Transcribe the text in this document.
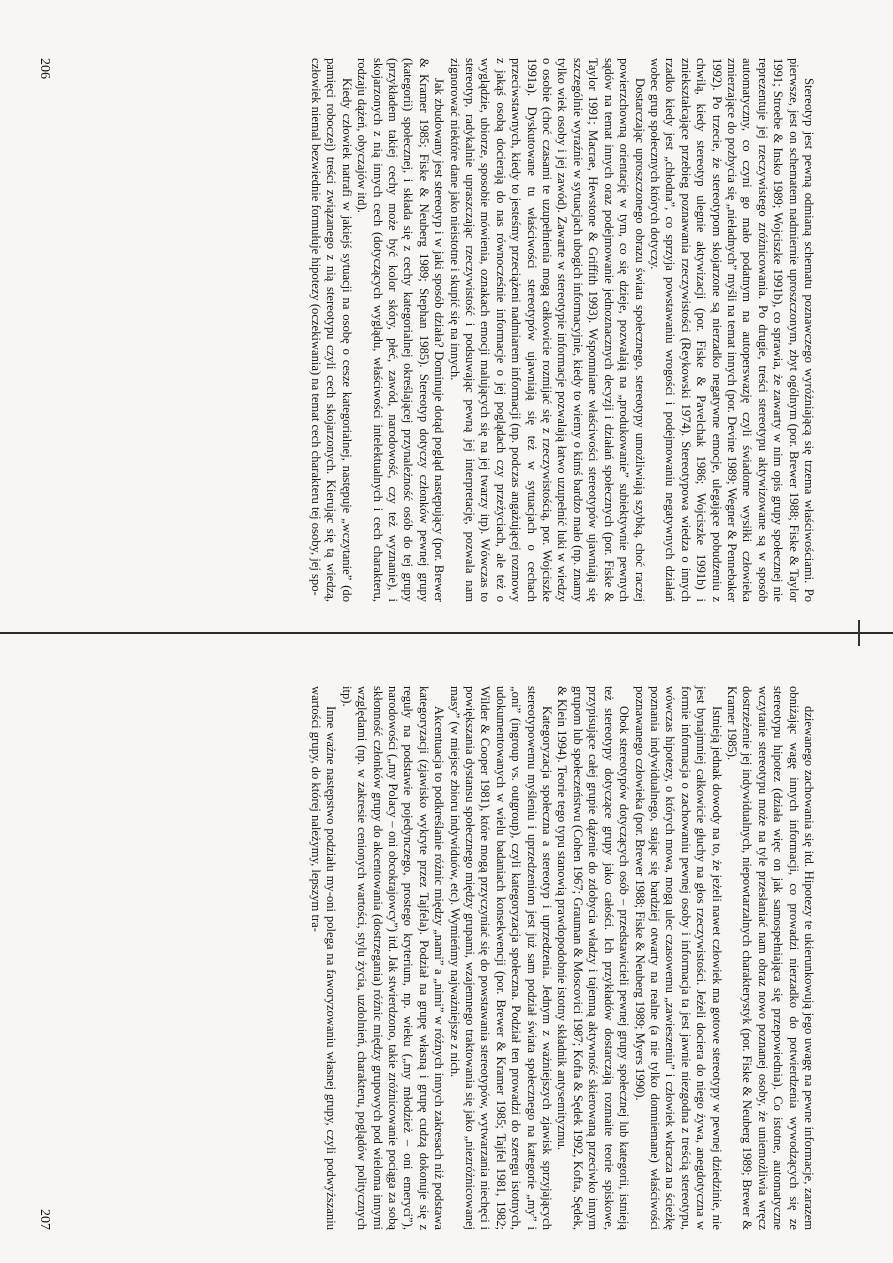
Stereotyp jest pewną odmianą schematu poznawczego wyróżniającą się trzema właściwościami. Po pierwsze, jest on schematem nadmiernie uproszczonym, zbyt ogólnym (por. Brewer 1988; Fiske & Taylor 1991; Stroebe & Insko 1989; Wojciszke 1991b), co sprawia, że zawarty w nim opis grupy społecznej nie reprezentuje jej rzeczywistego zróżnicowania. Po drugie, treści stereotypu aktywizowane są w sposób automatyczny, co czyni go mało podatnym na autoperswazję czyli świadome wysiłki człowieka zmierzające do pozbycia się „nieładnych” myśli na temat innych (por. Devine 1989; Wegner & Pennebaker 1992). Po trzecie, że stereotypom skojarzone są nierzadko negatywne emocje, ulegające pobudzeniu z chwilą, kiedy stereotyp ulegnie aktywizacji (por. Fiske & Pavelchak 1986; Wojciszke 1991b) i zniekształcające przebieg poznawania rzeczywistości (Reykowski 1974). Stereotypowa wiedza o innych rzadko kiedy jest „chłodna”, co sprzyja powstawaniu wrogości i podejmowaniu negatywnych działań wobec grup społecznych których dotyczy.

Dostarczając uproszczonego obrazu świata społecznego, stereotypy umożliwiają szybką, choć raczej powierzchowną orientację w tym, co się dzieje, pozwalają na „produkowanie” subiektywnie pewnych sądów na temat innych oraz podejmowanie jednoznacznych decyzji i działań społecznych (por. Fiske & Taylor 1991; Macrae, Hewstone & Griffith 1993). Wspomniane właściwości stereotypów ujawniają się szczególnie wyraźnie w sytuacjach ubogich informacyjnie, kiedy to wiemy o kimś bardzo mało (np. znamy tylko wiek osoby i jej zawód). Zawarte w stereotypie informacje pozwalają łatwo uzupełnić luki w wiedzy o osobie (choć czasami te uzupełnienia mogą całkowicie rozmijać się z rzeczywistością, por. Wojciszke 1991a). Dyskutowane tu właściwości stereotypów ujawniają się też w sytuacjach o cechach przeciwstawnych, kiedy to jesteśmy przeciążeni nadmiarem informacji (np. podczas angażującej rozmowy z jakąś osobą docierają do nas równocześnie informacje o jej poglądach czy przeżyciach, ale też o wyglądzie, ubiorze, sposobie mówienia, oznakach emocji malujących się na jej twarzy itp). Wówczas to stereotyp, radykalnie upraszczając rzeczywistość i podsuwając pewną jej interpretację, pozwala nam zignorować niektóre dane jako nieistotne i skupić się na innych.

Jak zbudowany jest stereotyp i w jaki sposób działa? Dominuje dotąd pogląd następujący (por. Brewer & Kramer 1985; Fiske & Neuberg 1989; Stephan 1985). Stereotyp dotyczy członków pewnej grupy (kategorii) społecznej, i składa się z cechy kategorialnej określającej przynależność osób do tej grupy (przykładem takiej cechy może być kolor skóry, płeć, zawód, narodowość, czy też wyznanie), i skojarzonych z nią innych cech (dotyczących wyglądu, właściwości intelektualnych i cech charakteru, rodzaju dążeń, obyczajów itd).

Kiedy człowiek natrafi w jakiejś sytuacji na osobę o cesze kategorialnej, następuje „wczytanie” (do pamięci roboczej) treści związanego z nią stereotypu czyli cech skojarzonych. Kierując się tą wiedzą, człowiek niemal bezwiednie formułuje hipotezy (oczekiwania) na temat cech charakteru tej osoby, jej spo-

206

dziewanego zachowania się itd. Hipotezy te ukierunkowują jego uwagę na pewne informacje, zarazem obniżając wagę innych informacji, co prowadzi nierzadko do potwierdzenia wywodzących się ze stereotypu hipotez (działa więc on jak samospełniająca się przepowiednia). Co istotne, automatyczne wczytanie stereotypu może na tyle przesłaniać nam obraz nowo poznanej osoby, że uniemożliwia wręcz dostrzeżenie jej indywidualnych, niepowtarzalnych charakterystyk (por. Fiske & Neuberg 1989; Brewer & Kramer 1985).

Istnieją jednak dowody na to, że jeżeli nawet człowiek ma gotowe stereotypy w pewnej dziedzinie, nie jest bynajmniej całkowicie głuchy na głos rzeczywistości. Jeżeli dociera do niego żywa, anegdotyczna w formie informacja o zachowaniu pewnej osoby i informacja ta jest jawnie niezgodna z treścią stereotypu, wówczas hipotezy, o których mowa, mogą ulec czasowemu „zawieszeniu” i człowiek wkracza na ścieżkę poznania indywidualnego, stając się bardziej otwarty na realne (a nie tylko domniemane) właściwości poznawanego człowieka (por. Brewer 1988; Fiske & Neuberg 1989; Myers 1990).

Obok stereotypów dotyczących osób – przedstawicieli pewnej grupy społecznej lub kategorii, istnieją też stereotypy dotyczące grupy jako całości. Ich przykładów dostarczają rozmaite teorie spiskowe, przypisujące całej grupie dążenie do zdobycia władzy i tajemną aktywność skierowaną przeciwko innym grupom lub społeczeństwu (Cohen 1967; Grauman & Moscovici 1987; Kofta & Sędek 1992, Kofta, Sędek, & Klein 1994). Teorie tego typu stanowią prawdopodobnie istotny składnik antysemityzmu.

Kategoryzacja społeczna a stereotyp i uprzedzenia. Jednym z ważniejszych zjawisk sprzyjających stereotypowemu myśleniu i uprzedzeniom jest już sam podział świata społecznego na kategorie „my” i „oni” (ingroup vs. outgroup), czyli kategoryzacja społeczna. Podział ten prowadzi do szeregu istotnych, udokumentowanych w wielu badaniach konsekwencji (por. Brewer & Kramer 1985; Tajfel 1981, 1982; Wilder & Cooper 1981), które mogą przyczyniać się do powstawania stereotypów, wytwarzania niechęci i powiększania dystansu społecznego między grupami, wzajemnego traktowania się jako „niezróżnicowanej masy” (w miejsce zbioru indywiduów, etc). Wymieńmy najważniejsze z nich.

Akcentuacja to podkreślanie różnic między „nami” a „nimi” w różnych innych zakresach niż podstawa kategoryzacji (zjawisko wykryte przez Tajfela). Podział na grupę własną i grupę cudzą dokonuje się z reguły na podstawie pojedynczego, prostego kryterium, np. wieku („my młodzież – oni emeryci”), narodowości („my Polacy – oni obcokrajowcy”) itd. Jak stwierdzono, takie zróżnicowanie pociąga za sobą skłonność członków grupy do akcentowania (dostrzegania) różnic między grupowych pod wieloma innymi względami (np. w zakresie cenionych wartości, stylu życia, uzdolnień, charakteru, poglądów politycznych itp).

Inne ważne następstwo podziału my-oni polega na faworyzowaniu własnej grupy, czyli podwyższaniu wartości grupy, do której należymy, lepszym tra-

207
